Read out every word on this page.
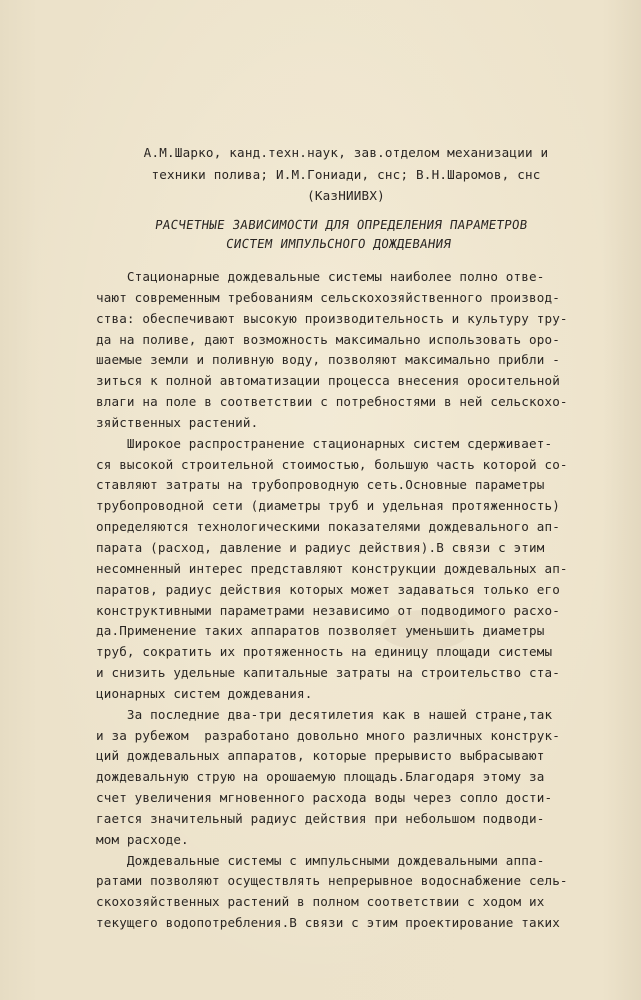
А.М.Шарко, канд.техн.наук, зав.отделом механизации и
техники полива; И.М.Гониади, снс; В.Н.Шаромов, снс
(КазНИИВХ)
РАСЧЕТНЫЕ ЗАВИСИМОСТИ ДЛЯ ОПРЕДЕЛЕНИЯ ПАРАМЕТРОВ
СИСТЕМ ИМПУЛЬСНОГО ДОЖДЕВАНИЯ
Стационарные дождевальные системы наиболее полно отве-
чают современным требованиям сельскохозяйственного производ-
ства: обеспечивают высокую производительность и культуру тру-
да на поливе, дают возможность максимально использовать оро-
шаемые земли и поливную воду, позволяют максимально прибли -
зиться к полной автоматизации процесса внесения оросительной
влаги на поле в соответствии с потребностями в ней сельскохо-
зяйственных растений.
Широкое распространение стационарных систем сдерживает-
ся высокой строительной стоимостью, большую часть которой со-
ставляют затраты на трубопроводную сеть.Основные параметры
трубопроводной сети (диаметры труб и удельная протяженность)
определяются технологическими показателями дождевального ап-
парата (расход, давление и радиус действия).В связи с этим
несомненный интерес представляют конструкции дождевальных ап-
паратов, радиус действия которых может задаваться только его
конструктивными параметрами независимо от подводимого расхо-
да.Применение таких аппаратов позволяет уменьшить диаметры
труб, сократить их протяженность на единицу площади системы
и снизить удельные капитальные затраты на строительство ста-
ционарных систем дождевания.
За последние два-три десятилетия как в нашей стране,так
и за рубежом  разработано довольно много различных конструк-
ций дождевальных аппаратов, которые прерывисто выбрасывают
дождевальную струю на орошаемую площадь.Благодаря этому за
счет увеличения мгновенного расхода воды через сопло дости-
гается значительный радиус действия при небольшом подводи-
мом расходе.
Дождевальные системы с импульсными дождевальными аппа-
ратами позволяют осуществлять непрерывное водоснабжение сель-
скохозяйственных растений в полном соответствии с ходом их
текущего водопотребления.В связи с этим проектирование таких
